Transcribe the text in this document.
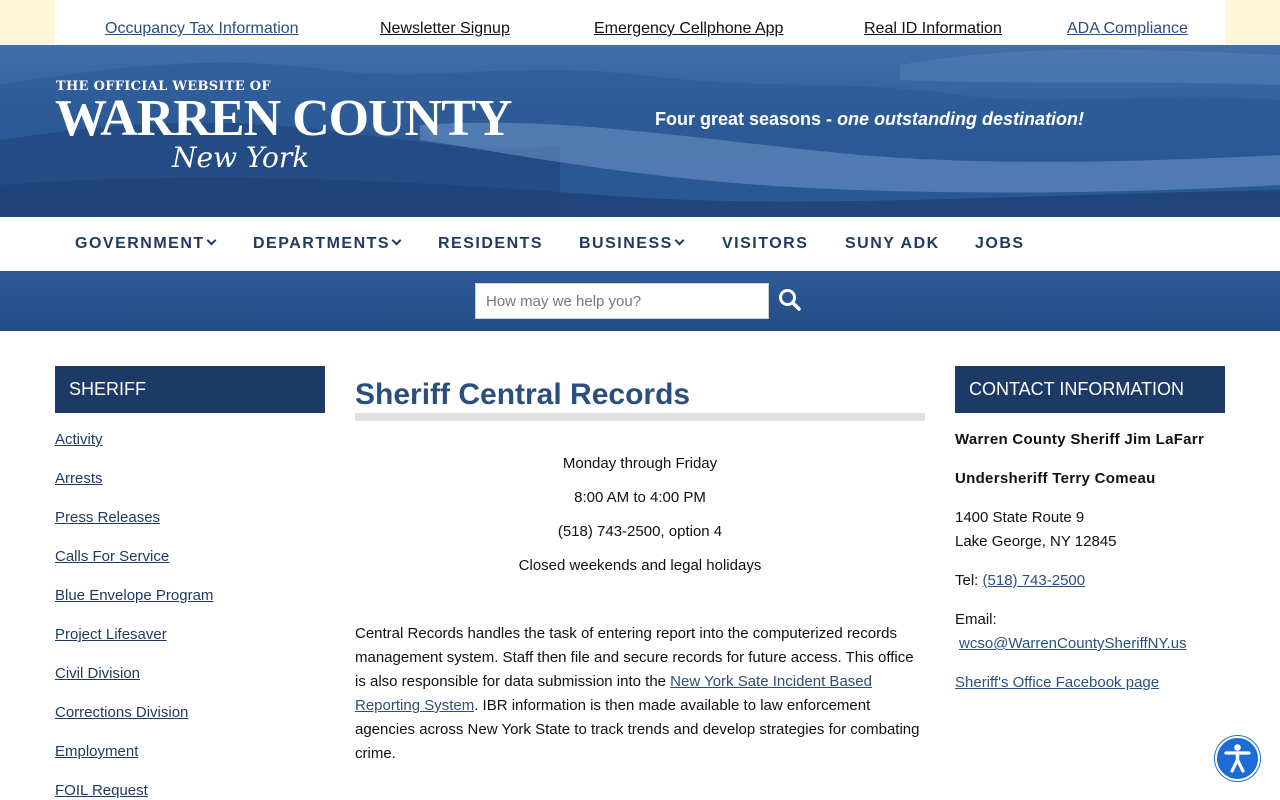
Occupancy Tax Information	Newsletter Signup	Emergency Cellphone App	Real ID Information	ADA Compliance
THE OFFICIAL WEBSITE OF
WARREN COUNTY
New York
Four great seasons - one outstanding destination!
GOVERNMENT	DEPARTMENTS	RESIDENTS BUSINESS	VISITORS SUNY ADK JOBS
How may we help you?
SHERIFF
Activity
Arrests
Press Releases
Calls For Service
Blue Envelope Program
Project Lifesaver
Civil Division
Corrections Division
Employment
FOIL Request
Sheriff Central Records
Monday through Friday
8:00 AM to 4:00 PM
(518) 743-2500, option 4
Closed weekends and legal holidays

Central Records handles the task of entering report into the computerized records management system. Staff then file and secure records for future access. This office is also responsible for data submission into the New York Sate Incident Based Reporting System. IBR information is then made available to law enforcement agencies across New York State to track trends and develop strategies for combating crime.

CONTACT INFORMATION
Warren County Sheriff Jim LaFarr
Undersheriff Terry Comeau
1400 State Route 9
Lake George, NY 12845
Tel: (518) 743-2500
Email:
wcso@WarrenCountySheriffNY.us
Sheriff's Office Facebook page
